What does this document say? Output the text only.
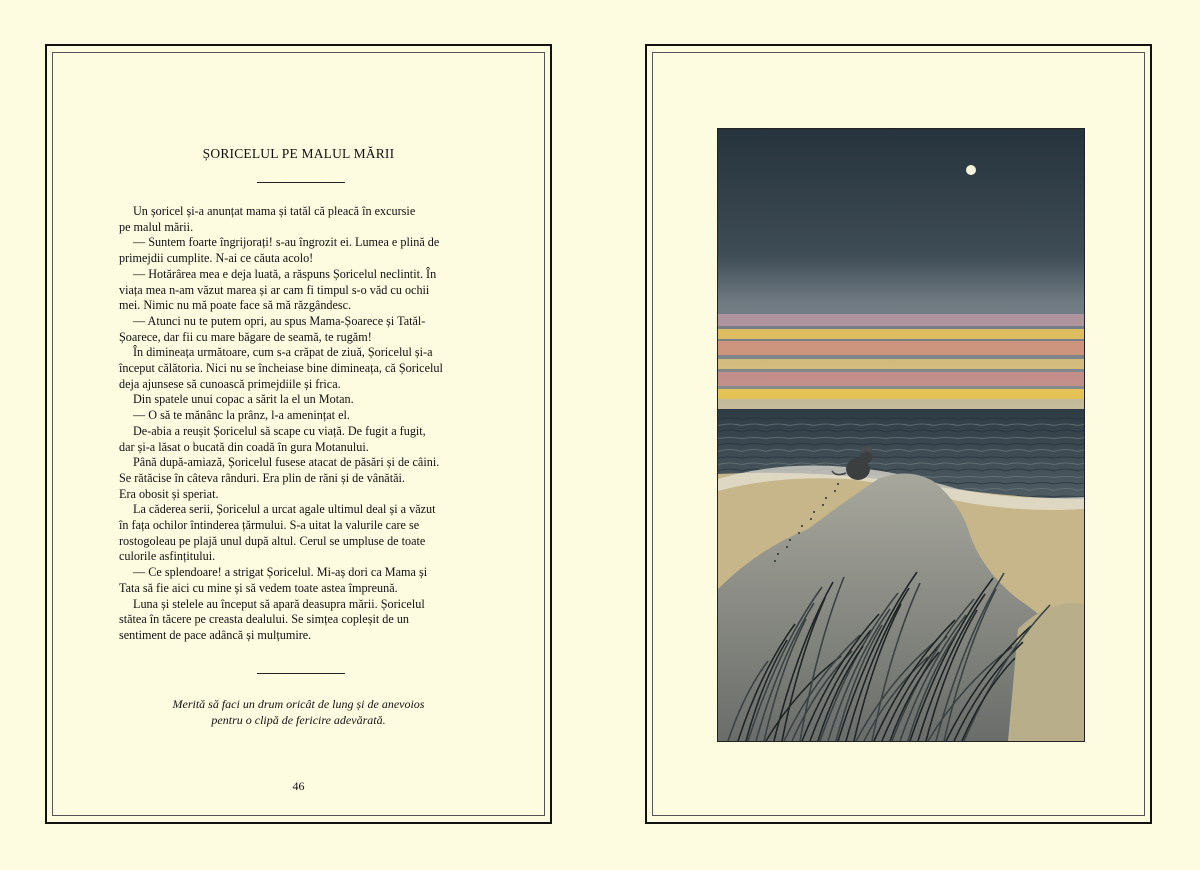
ȘORICELUL PE MALUL MĂRII
Un șoricel și-a anunțat mama și tatăl că pleacă în excursie
pe malul mării.
— Suntem foarte îngrijorați! s-au îngrozit ei. Lumea e plină de
primejdii cumplite. N-ai ce căuta acolo!
— Hotărârea mea e deja luată, a răspuns Șoricelul neclintit. În
viața mea n-am văzut marea și ar cam fi timpul s-o văd cu ochii
mei. Nimic nu mă poate face să mă răzgândesc.
— Atunci nu te putem opri, au spus Mama-Șoarece și Tatăl-
Șoarece, dar fii cu mare băgare de seamă, te rugăm!
În dimineața următoare, cum s-a crăpat de ziuă, Șoricelul și-a
început călătoria. Nici nu se încheiase bine dimineața, că Șoricelul
deja ajunsese să cunoască primejdiile și frica.
Din spatele unui copac a sărit la el un Motan.
— O să te mănânc la prânz, l-a amenințat el.
De-abia a reușit Șoricelul să scape cu viață. De fugit a fugit,
dar și-a lăsat o bucată din coadă în gura Motanului.
Până după-amiază, Șoricelul fusese atacat de păsări și de câini.
Se rătăcise în câteva rânduri. Era plin de răni și de vânătăi.
Era obosit și speriat.
La căderea serii, Șoricelul a urcat agale ultimul deal și a văzut
în fața ochilor întinderea țărmului. S-a uitat la valurile care se
rostogoleau pe plajă unul după altul. Cerul se umpluse de toate
culorile asfințitului.
— Ce splendoare! a strigat Șoricelul. Mi-aș dori ca Mama și
Tata să fie aici cu mine și să vedem toate astea împreună.
Luna și stelele au început să apară deasupra mării. Șoricelul
stătea în tăcere pe creasta dealului. Se simțea copleșit de un
sentiment de pace adâncă și mulțumire.
Merită să faci un drum oricât de lung și de anevoios
pentru o clipă de fericire adevărată.
46
